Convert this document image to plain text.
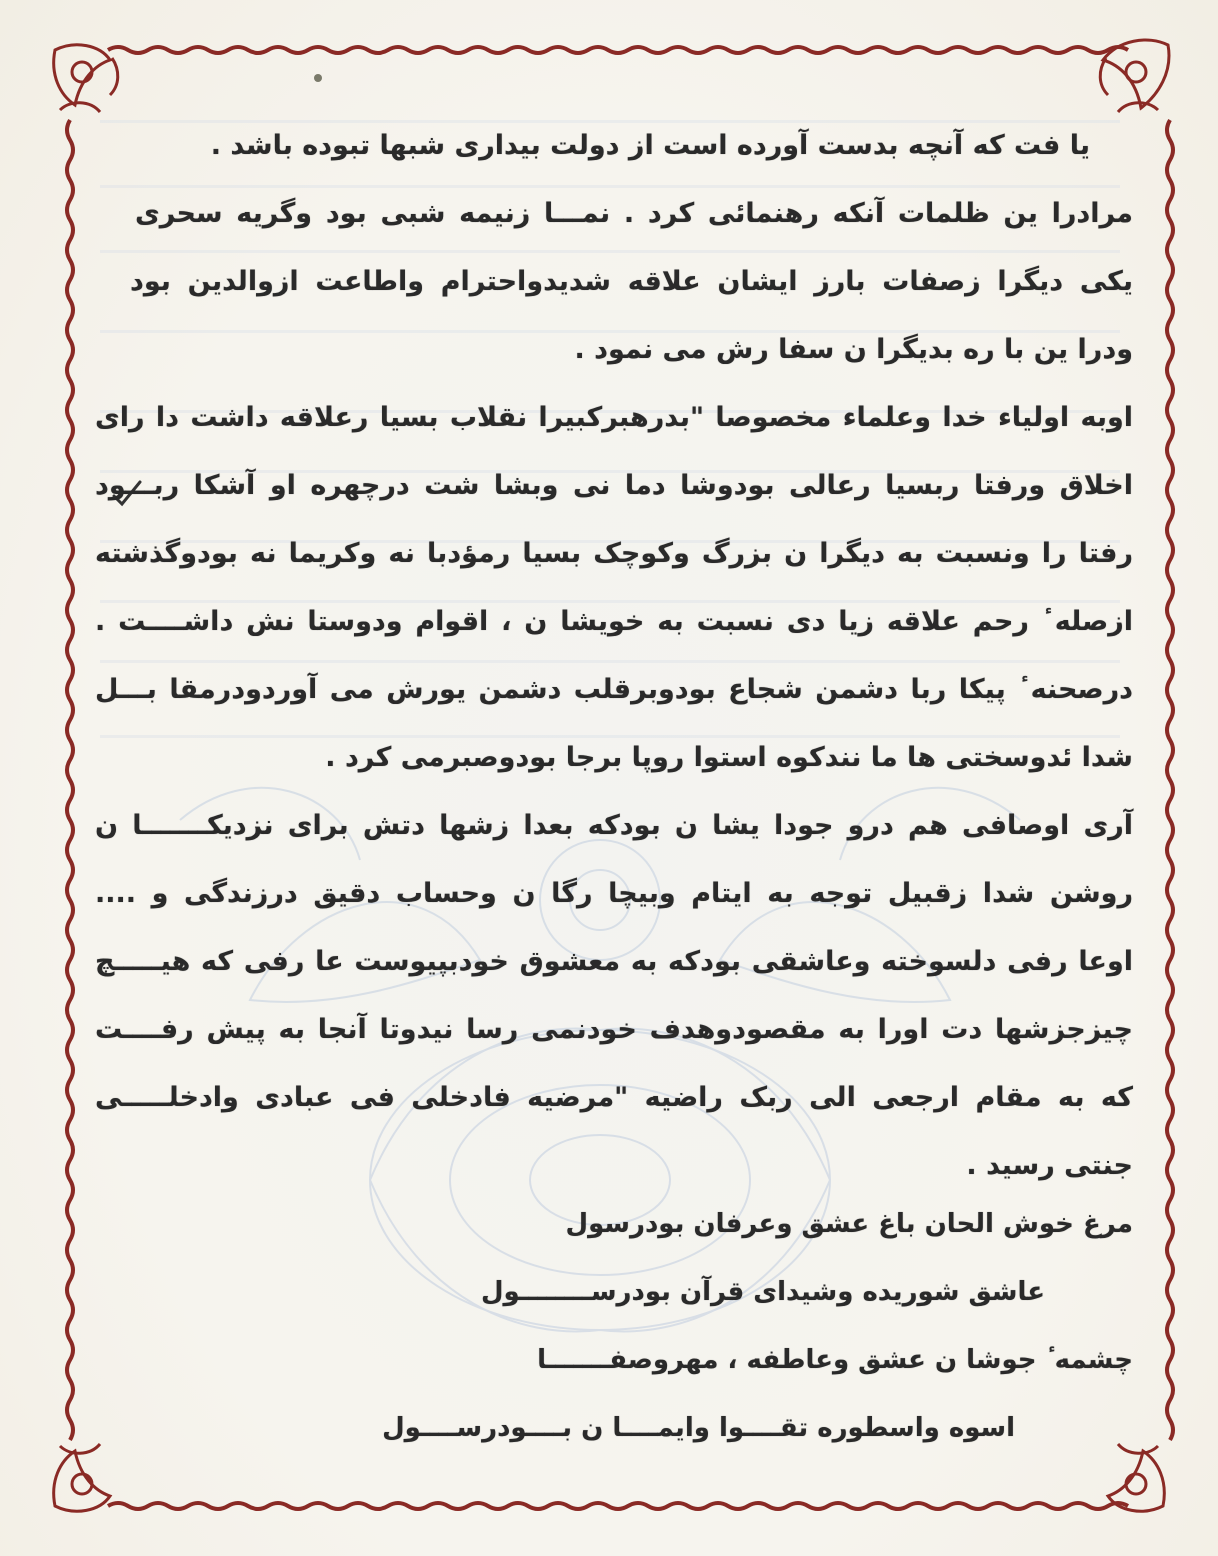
یا فت که آنچه بدست آورده است از دولت بیداری شبها تبوده باشد .
مرادرا ین ظلمات آنکه رهنمائی کرد . نمـــا زنیمه شبی بود وگریه سحری
یکی دیگرا زصفات بارز ایشان علاقه شدیدواحترام واطاعت ازوالدین بود
ودرا ین با ره بدیگرا ن سفا رش می نمود .
اوبه اولیاء خدا وعلماء مخصوصا "بدرهبرکبیرا نقلاب بسیا رعلاقه داشت دا رای
اخلاق ورفتا ربسیا رعالی بودوشا دما نی وبشا شت درچهره او آشکا ربـــود
رفتا را ونسبت به دیگرا ن بزرگ وکوچک بسیا رمؤدبا نه وکریما نه بودوگذشته
ازصله ٔ رحم علاقه زیا دی نسبت به خویشا ن ، اقوام ودوستا نش داشــــت .
درصحنه ٔ پیکا ربا دشمن شجاع بودوبرقلب دشمن یورش می آوردودرمقا بـــل
شدا ئدوسختی ها ما نندکوه استوا روپا برجا بودوصبرمی کرد .
آری اوصافی هم درو جودا یشا ن بودکه بعدا زشها دتش برای نزدیکـــــــا ن
روشن شدا زقبیل توجه به ایتام وبیچا رگا ن وحساب دقیق درزندگی و ....
اوعا رفی دلسوخته وعاشقی بودکه به معشوق خودبپیوست عا رفی که هیـــــچ
چیزجزشها دت اورا به مقصودوهدف خودنمی رسا نیدوتا آنجا به پیش رفــــت
که به مقام ارجعی الی ربک راضیه "مرضیه فادخلی فی عبادی وادخلـــــی
جنتی رسید .
مرغ خوش الحان باغ عشق وعرفان بودرسول
عاشق شوریده وشیدای قرآن بودرســــــــول
چشمه ٔ جوشا ن عشق وعاطفه ، مهروصفـــــــا
اسوه واسطوره تقــــوا وایمــــا ن بــــودرســــول
